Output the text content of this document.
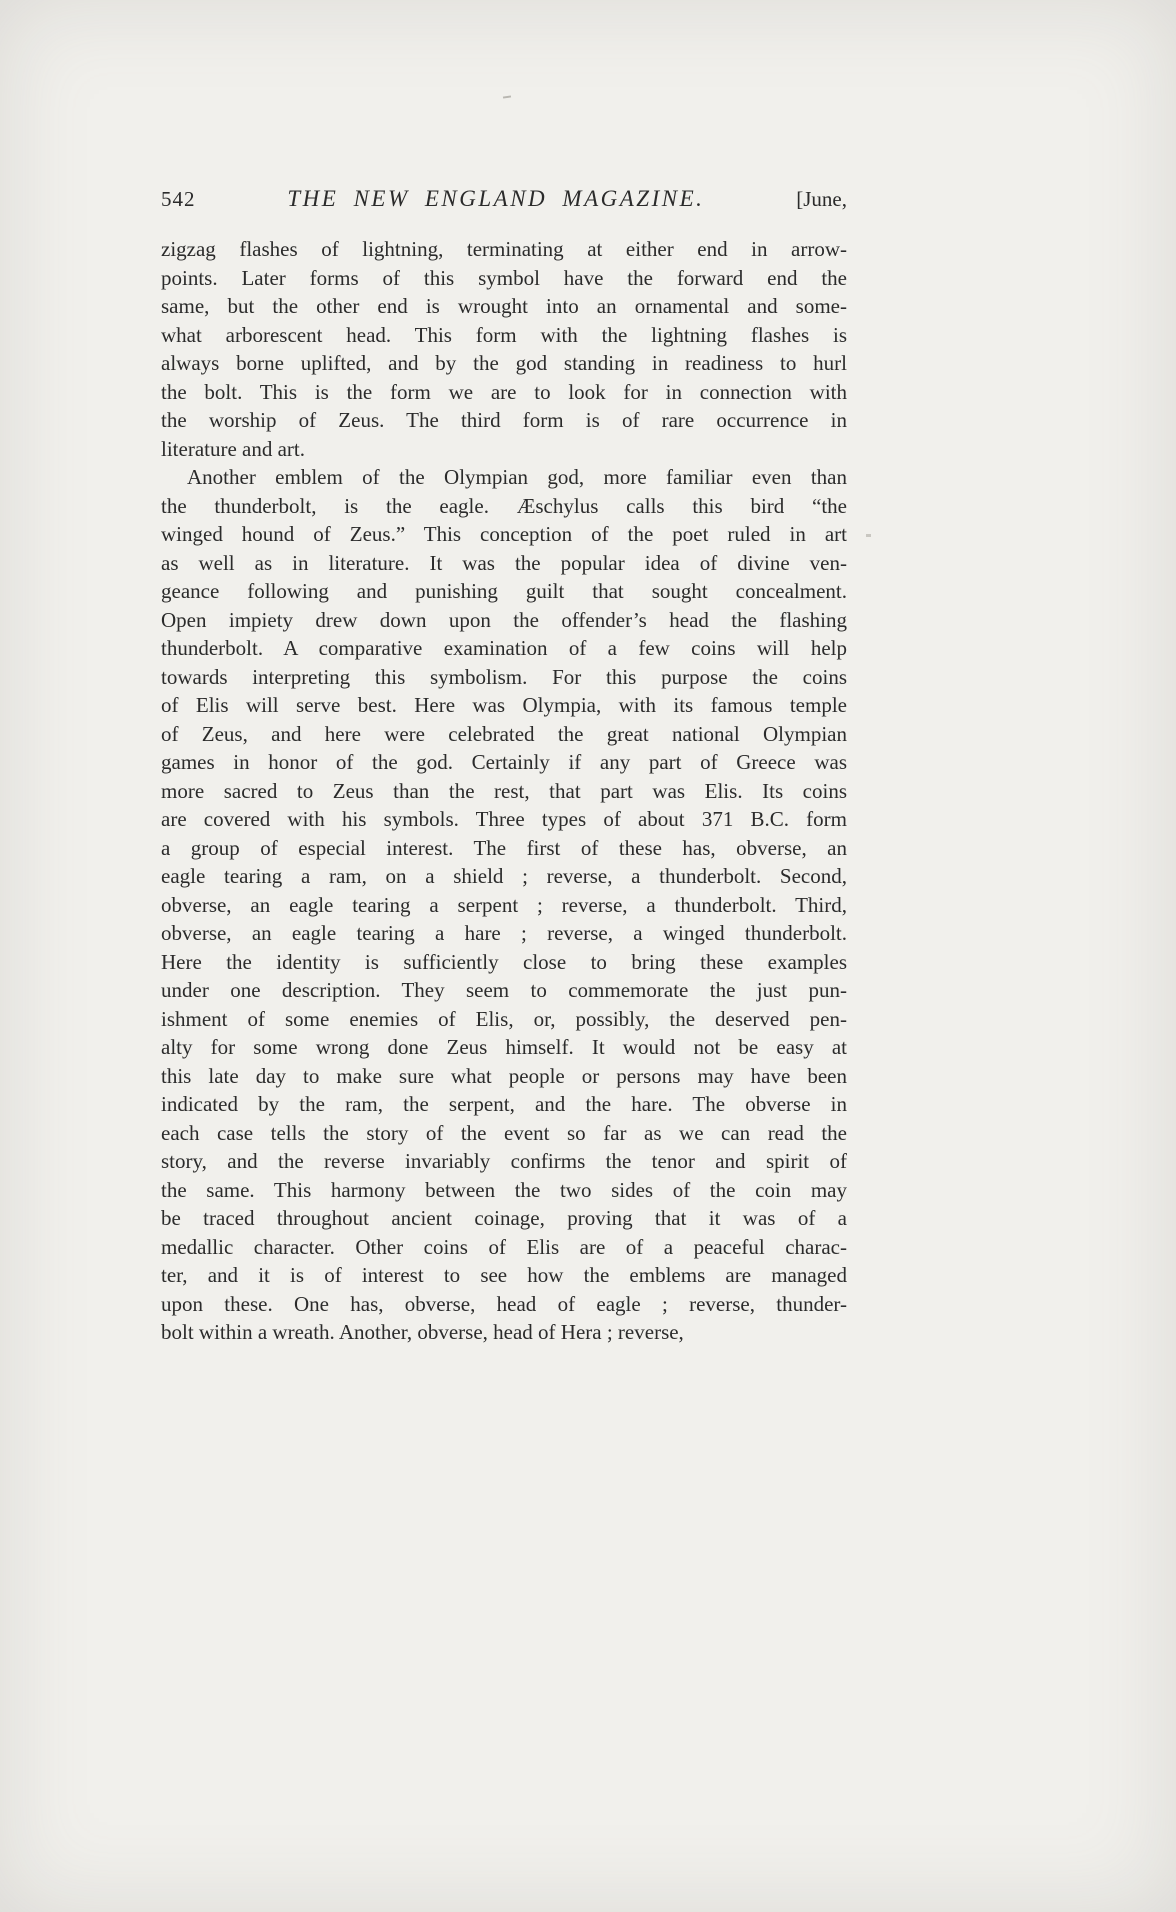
542	THE NEW ENGLAND MAGAZINE.	[June,
zigzag flashes of lightning, terminating at either end in arrow-
points. Later forms of this symbol have the forward end the
same, but the other end is wrought into an ornamental and some-
what arborescent head. This form with the lightning flashes is
always borne uplifted, and by the god standing in readiness to hurl
the bolt. This is the form we are to look for in connection with
the worship of Zeus. The third form is of rare occurrence in
literature and art.
Another emblem of the Olympian god, more familiar even than
the thunderbolt, is the eagle. Æschylus calls this bird “the
winged hound of Zeus.” This conception of the poet ruled in art
as well as in literature. It was the popular idea of divine ven-
geance following and punishing guilt that sought concealment.
Open impiety drew down upon the offender’s head the flashing
thunderbolt. A comparative examination of a few coins will help
towards interpreting this symbolism. For this purpose the coins
of Elis will serve best. Here was Olympia, with its famous temple
of Zeus, and here were celebrated the great national Olympian
games in honor of the god. Certainly if any part of Greece was
more sacred to Zeus than the rest, that part was Elis. Its coins
are covered with his symbols. Three types of about 371 B.C. form
a group of especial interest. The first of these has, obverse, an
eagle tearing a ram, on a shield ; reverse, a thunderbolt. Second,
obverse, an eagle tearing a serpent ; reverse, a thunderbolt. Third,
obverse, an eagle tearing a hare ; reverse, a winged thunderbolt.
Here the identity is sufficiently close to bring these examples
under one description. They seem to commemorate the just pun-
ishment of some enemies of Elis, or, possibly, the deserved pen-
alty for some wrong done Zeus himself. It would not be easy at
this late day to make sure what people or persons may have been
indicated by the ram, the serpent, and the hare. The obverse in
each case tells the story of the event so far as we can read the
story, and the reverse invariably confirms the tenor and spirit of
the same. This harmony between the two sides of the coin may
be traced throughout ancient coinage, proving that it was of a
medallic character. Other coins of Elis are of a peaceful charac-
ter, and it is of interest to see how the emblems are managed
upon these. One has, obverse, head of eagle ; reverse, thunder-
bolt within a wreath. Another, obverse, head of Hera ; reverse,
